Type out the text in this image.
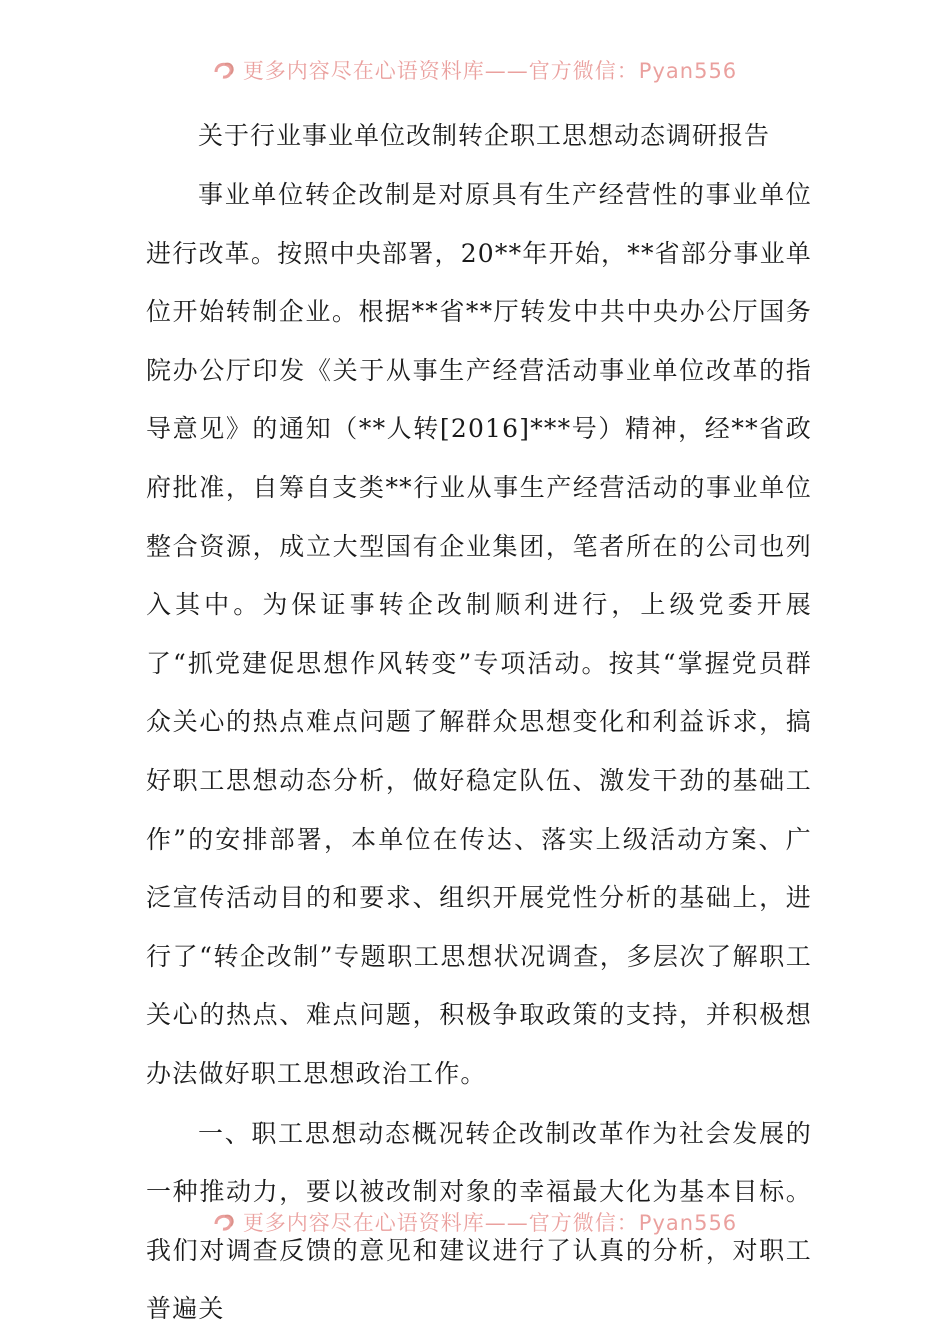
更多内容尽在心语资料库——官方微信：Pyan556
关于行业事业单位改制转企职工思想动态调研报告

事业单位转企改制是对原具有生产经营性的事业单位进行改革。按照中央部署，20**年开始，**省部分事业单位开始转制企业。根据**省**厅转发中共中央办公厅国务院办公厅印发《关于从事生产经营活动事业单位改革的指导意见》的通知（**人转[2016]***号）精神，经**省政府批准，自筹自支类**行业从事生产经营活动的事业单位整合资源，成立大型国有企业集团，笔者所在的公司也列入其中。为保证事转企改制顺利进行，上级党委开展了“抓党建促思想作风转变”专项活动。按其“掌握党员群众关心的热点难点问题了解群众思想变化和利益诉求，搞好职工思想动态分析，做好稳定队伍、激发干劲的基础工作”的安排部署，本单位在传达、落实上级活动方案、广泛宣传活动目的和要求、组织开展党性分析的基础上，进行了“转企改制”专题职工思想状况调查，多层次了解职工关心的热点、难点问题，积极争取政策的支持，并积极想办法做好职工思想政治工作。

一、职工思想动态概况转企改制改革作为社会发展的一种推动力，要以被改制对象的幸福最大化为基本目标。我们对调查反馈的意见和建议进行了认真的分析，对职工普遍关

更多内容尽在心语资料库——官方微信：Pyan556
